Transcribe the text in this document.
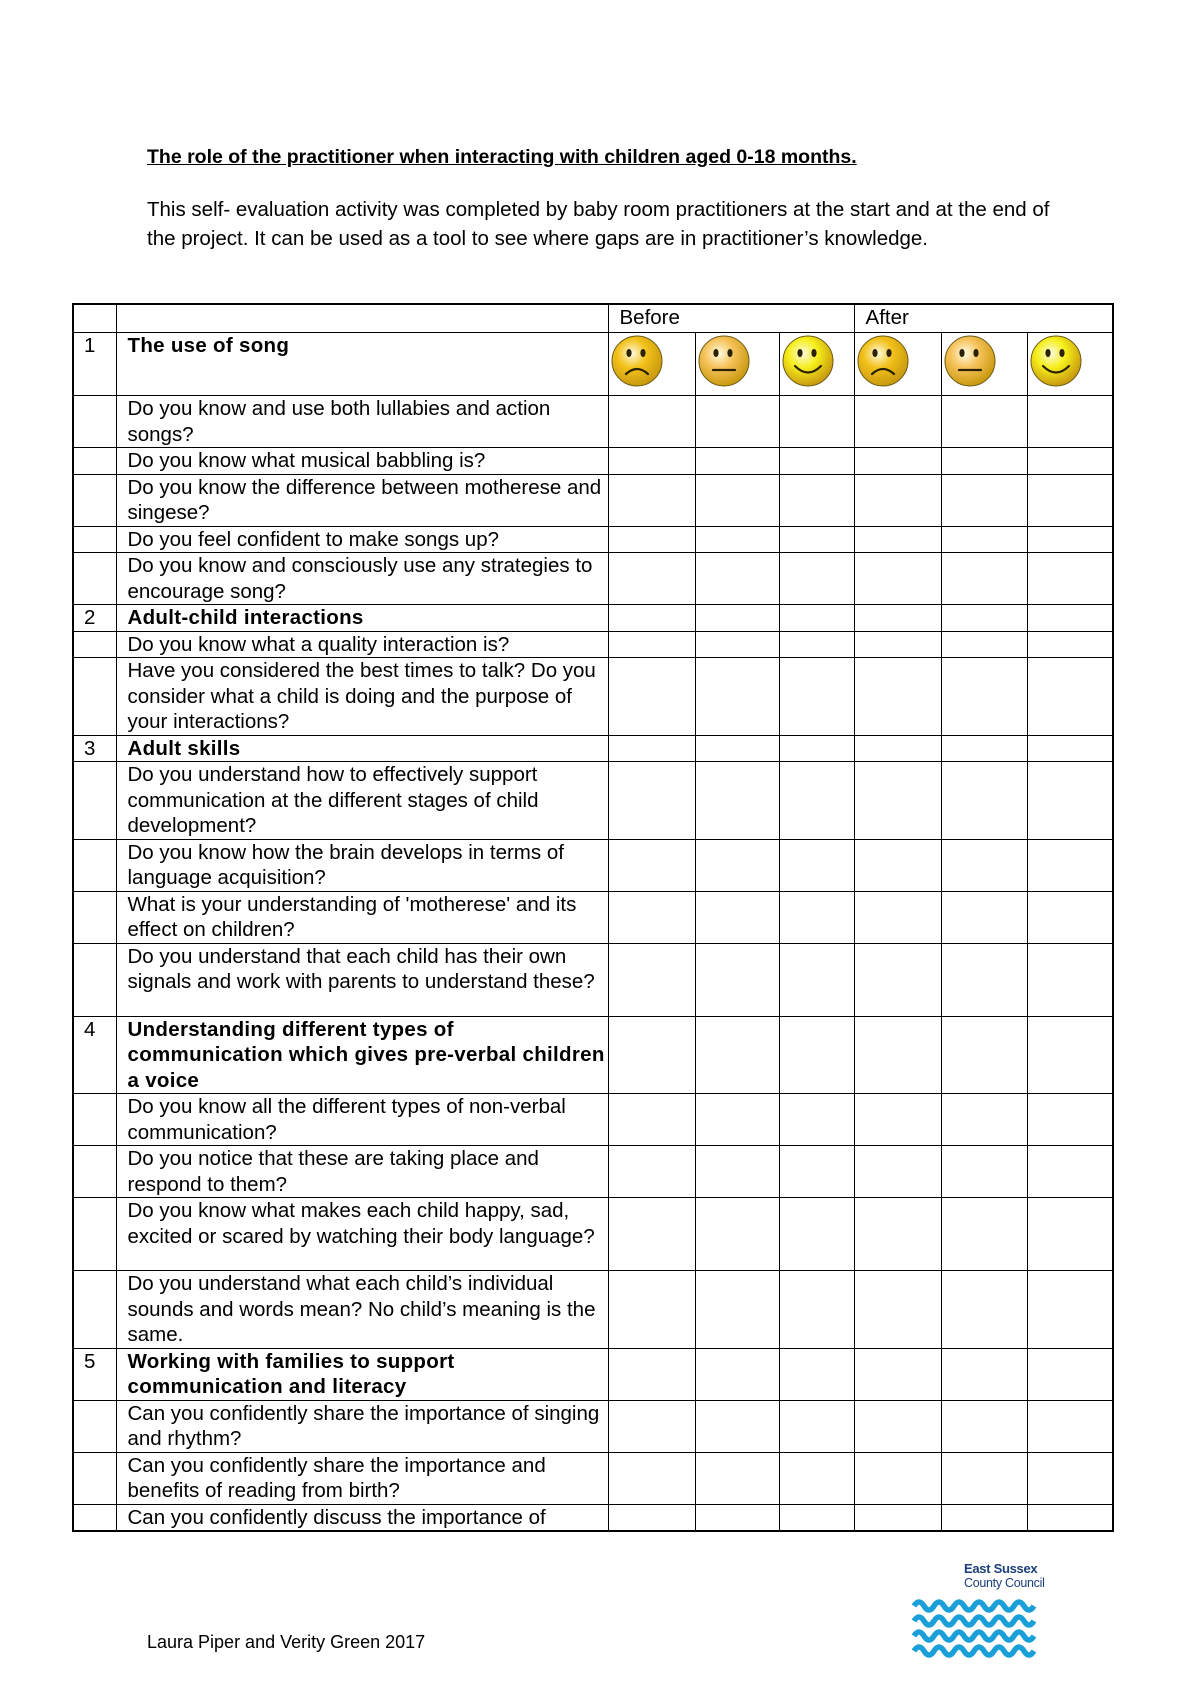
The role of the practitioner when interacting with children aged 0-18 months.
This self- evaluation activity was completed by baby room practitioners at the start and at the end of the project. It can be used as a tool to see where gaps are in practitioner’s knowledge.
		Before			After		
1	The use of song						
	Do you know and use both lullabies and action songs?						
	Do you know what musical babbling is?						
	Do you know the difference between motherese and singese?						
	Do you feel confident to make songs up?						
	Do you know and consciously use any strategies to encourage song?						
2	Adult-child interactions						
	Do you know what a quality interaction is?						
	Have you considered the best times to talk? Do you consider what a child is doing and the purpose of your interactions?						
3	Adult skills						
	Do you understand how to effectively support communication at the different stages of child development?						
	Do you know how the brain develops in terms of language acquisition?						
	What is your understanding of 'motherese' and its effect on children?						
	Do you understand that each child has their own signals and work with parents to understand these?						
4	Understanding different types of communication which gives pre-verbal children a voice						
	Do you know all the different types of non-verbal communication?						
	Do you notice that these are taking place and respond to them?						
	Do you know what makes each child happy, sad, excited or scared by watching their body language?						
	Do you understand what each child’s individual sounds and words mean? No child’s meaning is the same.						
5	Working with families to support communication and literacy						
	Can you confidently share the importance of singing and rhythm?						
	Can you confidently share the importance and benefits of reading from birth?						
	Can you confidently discuss the importance of						
Laura Piper and Verity Green 2017
East Sussex
County Council
